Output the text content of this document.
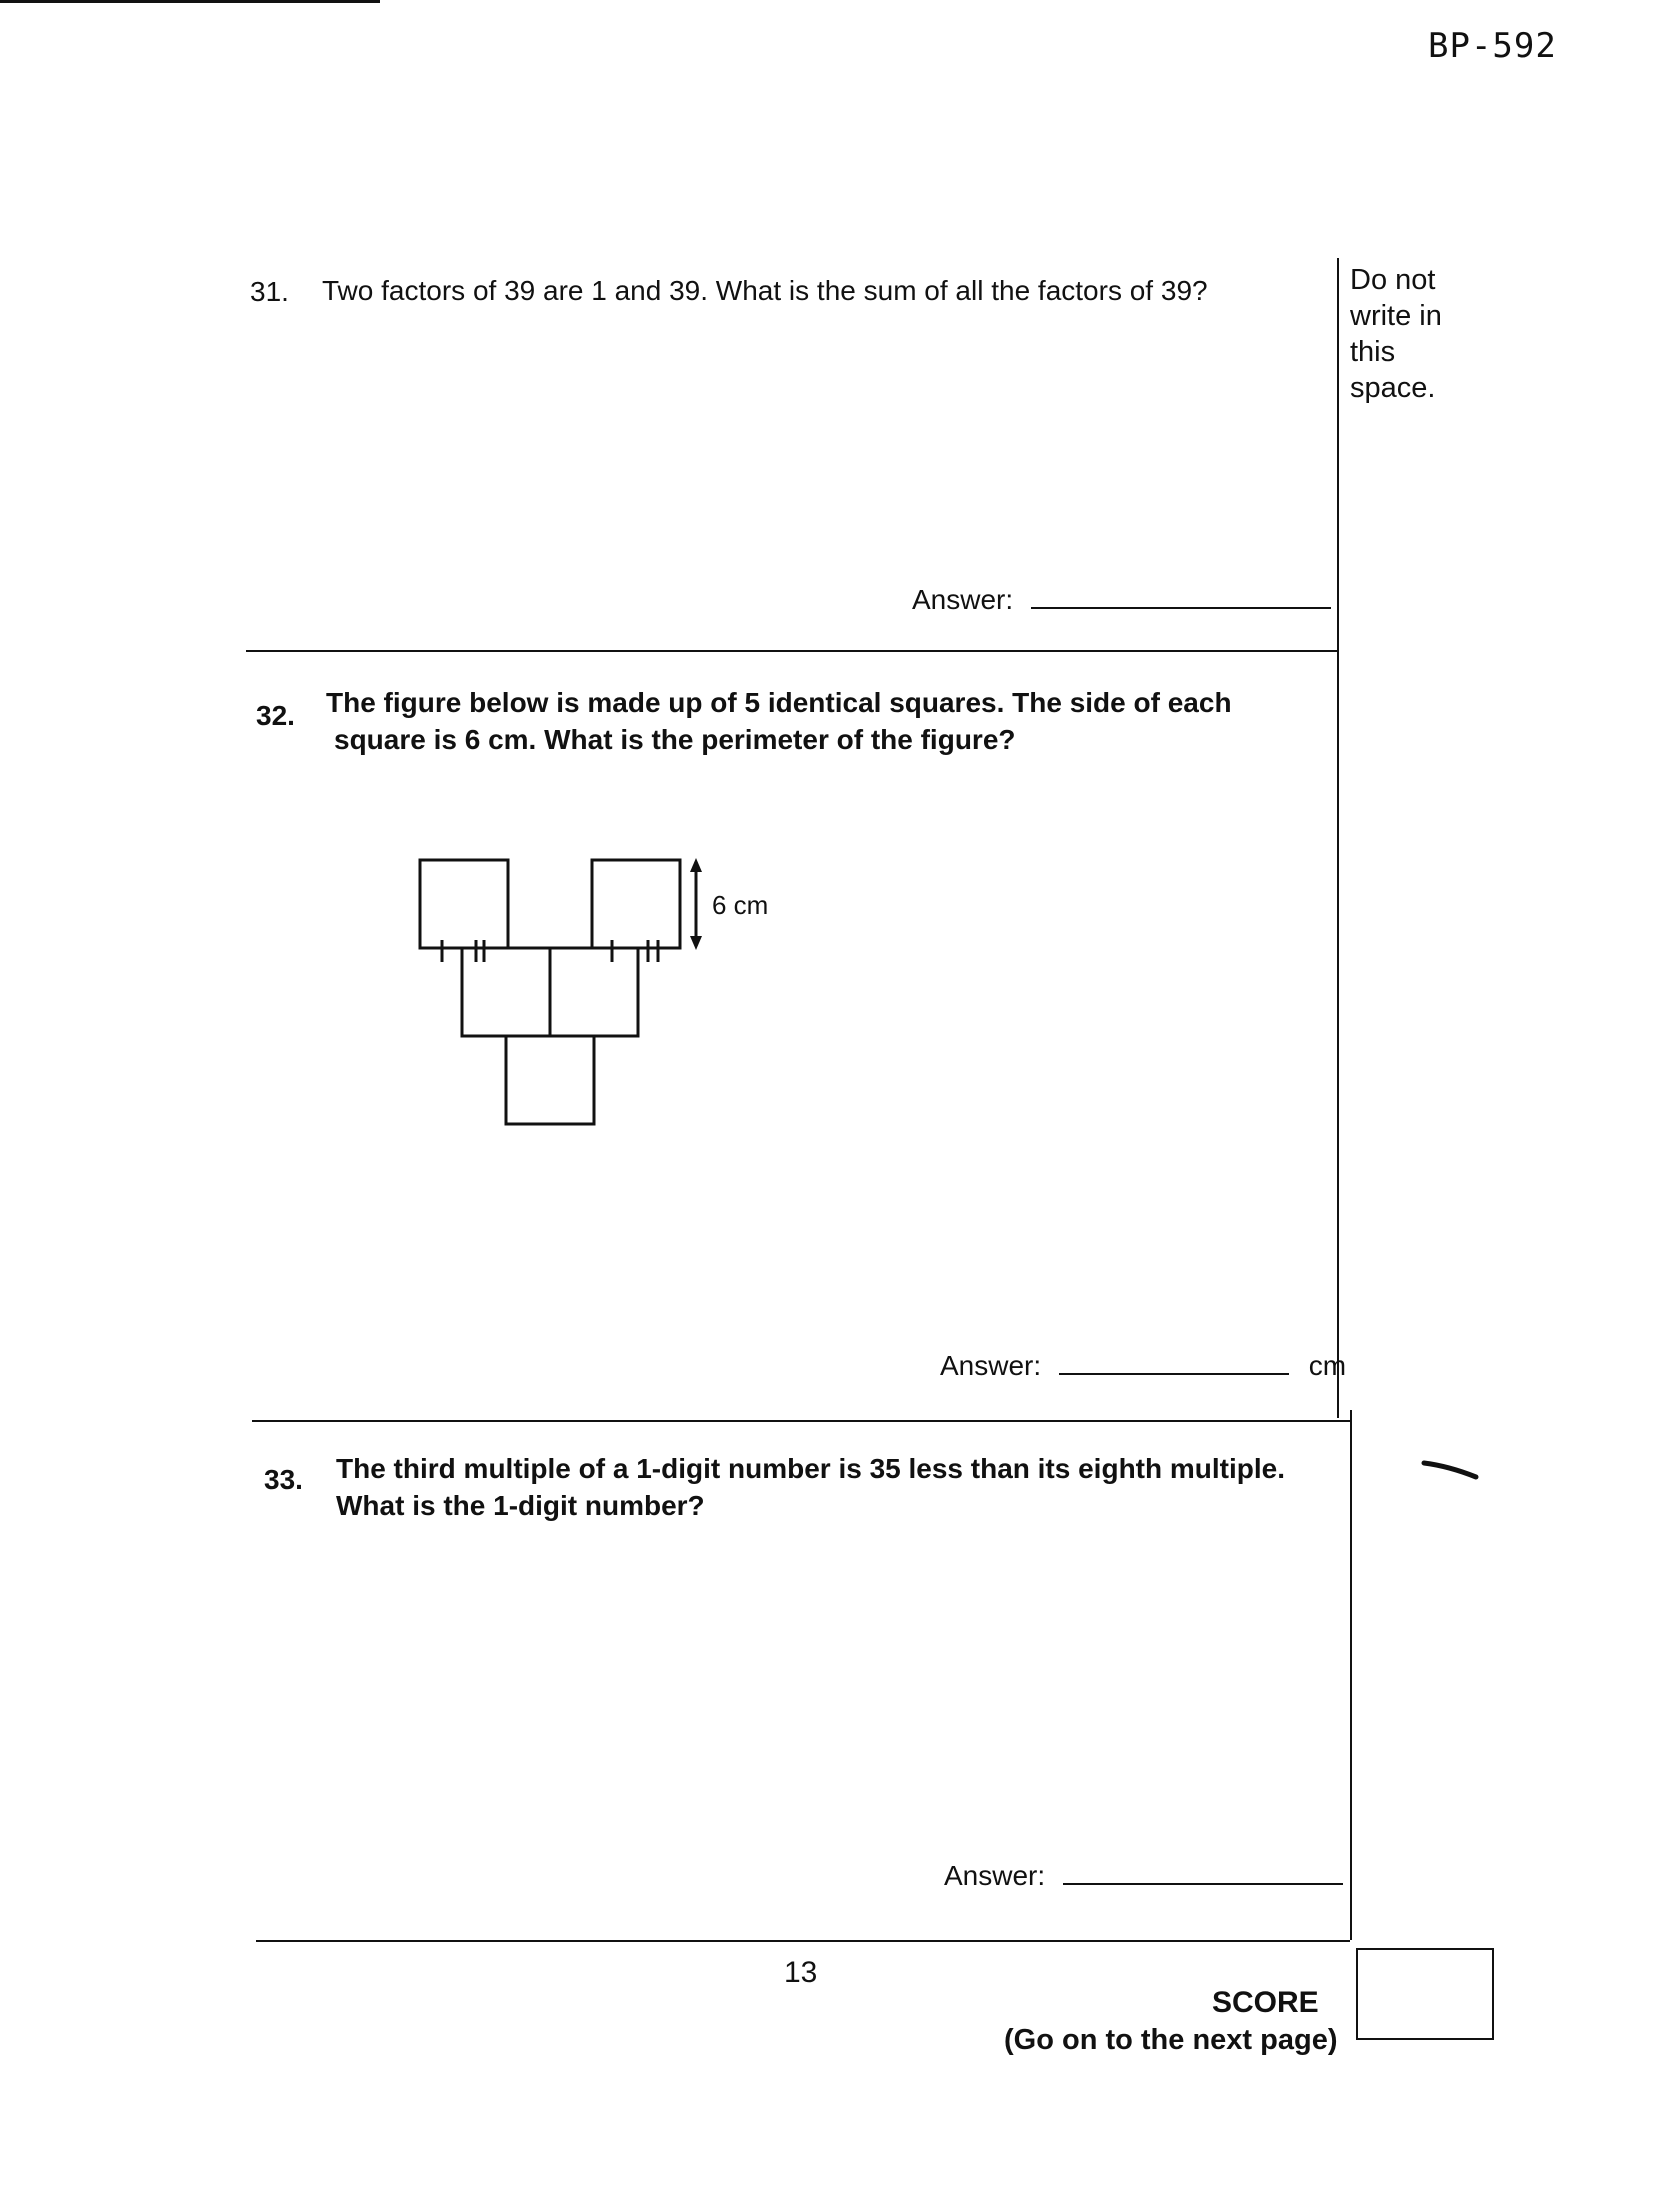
BP-592
Do not
write in
this
space.
31. Two factors of 39 are 1 and 39. What is the sum of all the factors of 39?
Answer:
32. The figure below is made up of 5 identical squares. The side of each
square is 6 cm. What is the perimeter of the figure?
6 cm
Answer:	cm
33. The third multiple of a 1-digit number is 35 less than its eighth multiple.
What is the 1-digit number?
Answer:
13
SCORE
(Go on to the next page)
